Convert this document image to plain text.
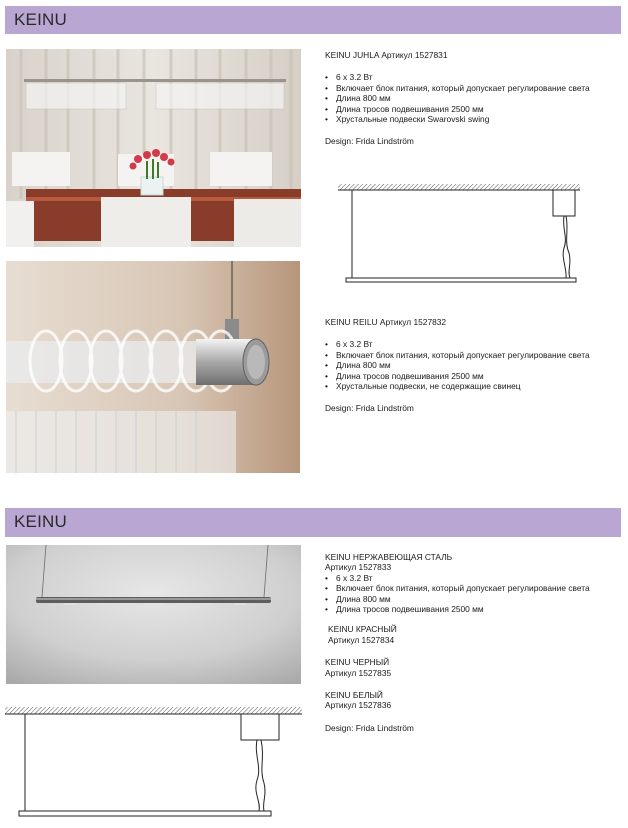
KEINU
KEINU JUHLA Артикул 1527831
• 6 x 3.2 Вт
• Включает блок питания, который допускает регулирование света
• Длина 800 мм
• Длина тросов подвешивания 2500 мм
• Хрустальные подвески Swarovski swing
Design: Frida Lindström
KEINU REILU Артикул 1527832
• 6 x 3.2 Вт
• Включает блок питания, который допускает регулирование света
• Длина 800 мм
• Длина тросов подвешивания 2500 мм
• Хрустальные подвески, не содержащие свинец
Design: Frida Lindström
KEINU
KEINU НЕРЖАВЕЮЩАЯ СТАЛЬ
Артикул 1527833
• 6 x 3.2 Вт
• Включает блок питания, который допускает регулирование света
• Длина 800 мм
• Длина тросов подвешивания 2500 мм
KEINU КРАСНЫЙ
Артикул 1527834
KEINU ЧЕРНЫЙ
Артикул 1527835
KEINU БЕЛЫЙ
Артикул 1527836
Design: Frida Lindström
